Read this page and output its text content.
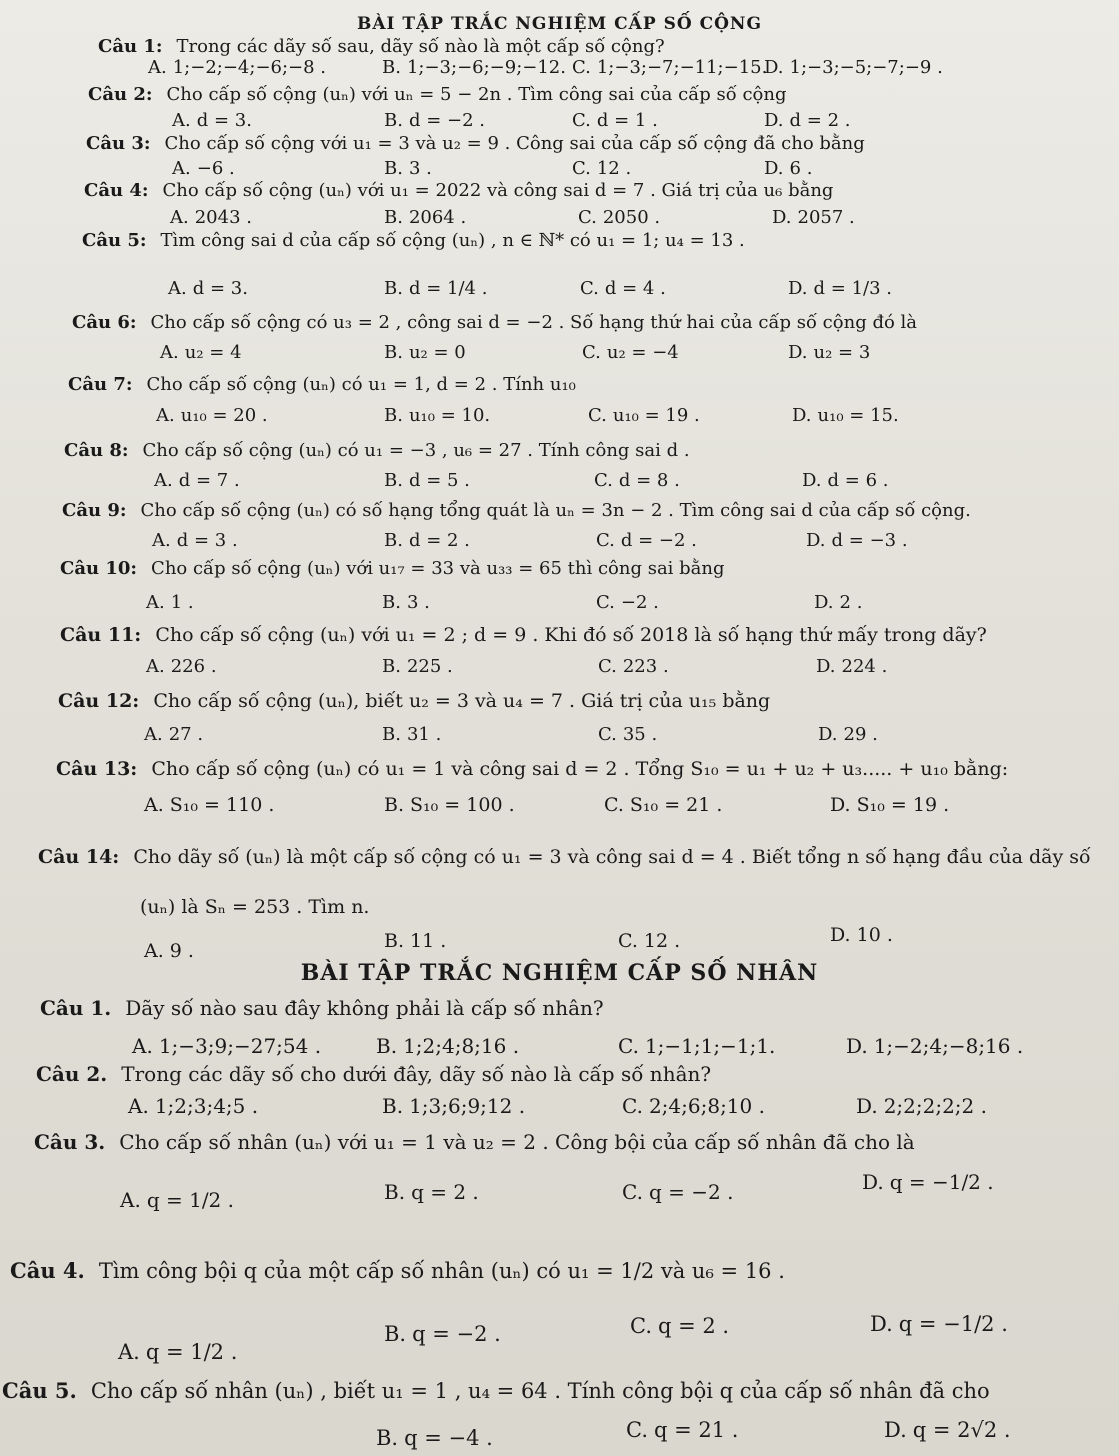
BÀI TẬP TRẮC NGHIỆM CẤP SỐ CỘNG
Câu 1: Trong các dãy số sau, dãy số nào là một cấp số cộng?
A. 1;−2;−4;−6;−8 .	B. 1;−3;−6;−9;−12. C. 1;−3;−7;−11;−15.
D. 1;−3;−5;−7;−9 .
Câu 2: Cho cấp số cộng (uₙ) với uₙ = 5 − 2n . Tìm công sai của cấp số cộng
A. d = 3.	B. d = −2 .	C. d = 1 .	D. d = 2 .
Câu 3: Cho cấp số cộng với u₁ = 3 và u₂ = 9 . Công sai của cấp số cộng đã cho bằng
A. −6 .	B. 3 .	C. 12 .	D. 6 .
Câu 4: Cho cấp số cộng (uₙ) với u₁ = 2022 và công sai d = 7 . Giá trị của u₆ bằng
A. 2043 .	B. 2064 .	C. 2050 .	D. 2057 .
Câu 5: Tìm công sai d của cấp số cộng (uₙ) , n ∈ ℕ* có u₁ = 1; u₄ = 13 .
A. d = 3.	B. d = 1/4 .	C. d = 4 .	D. d = 1/3 .
Câu 6: Cho cấp số cộng có u₃ = 2 , công sai d = −2 . Số hạng thứ hai của cấp số cộng đó là
A. u₂ = 4	B. u₂ = 0	C. u₂ = −4	D. u₂ = 3
Câu 7: Cho cấp số cộng (uₙ) có u₁ = 1, d = 2 . Tính u₁₀
A. u₁₀ = 20 .	B. u₁₀ = 10.	C. u₁₀ = 19 .	D. u₁₀ = 15.
Câu 8: Cho cấp số cộng (uₙ) có u₁ = −3 , u₆ = 27 . Tính công sai d .
A. d = 7 .	B. d = 5 .	C. d = 8 .	D. d = 6 .
Câu 9: Cho cấp số cộng (uₙ) có số hạng tổng quát là uₙ = 3n − 2 . Tìm công sai d của cấp số cộng.
A. d = 3 .	B. d = 2 .	C. d = −2 .	D. d = −3 .
Câu 10: Cho cấp số cộng (uₙ) với u₁₇ = 33 và u₃₃ = 65 thì công sai bằng
A. 1 .	B. 3 .	C. −2 .	D. 2 .
Câu 11: Cho cấp số cộng (uₙ) với u₁ = 2 ; d = 9 . Khi đó số 2018 là số hạng thứ mấy trong dãy?
A. 226 .	B. 225 .	C. 223 .	D. 224 .
Câu 12: Cho cấp số cộng (uₙ), biết u₂ = 3 và u₄ = 7 . Giá trị của u₁₅ bằng
A. 27 .	B. 31 .	C. 35 .	D. 29 .
Câu 13: Cho cấp số cộng (uₙ) có u₁ = 1 và công sai d = 2 . Tổng S₁₀ = u₁ + u₂ + u₃..... + u₁₀ bằng:
A. S₁₀ = 110 .	B. S₁₀ = 100 .	C. S₁₀ = 21 .	D. S₁₀ = 19 .
Câu 14: Cho dãy số (uₙ) là một cấp số cộng có u₁ = 3 và công sai d = 4 . Biết tổng n số hạng đầu của dãy số
(uₙ) là Sₙ = 253 . Tìm n.
A. 9 .	B. 11 .	C. 12 .	D. 10 .
BÀI TẬP TRẮC NGHIỆM CẤP SỐ NHÂN
Câu 1. Dãy số nào sau đây không phải là cấp số nhân?
A. 1;−3;9;−27;54 .	B. 1;2;4;8;16 .	C. 1;−1;1;−1;1.	D. 1;−2;4;−8;16 .
Câu 2. Trong các dãy số cho dưới đây, dãy số nào là cấp số nhân?
A. 1;2;3;4;5 .	B. 1;3;6;9;12 .	C. 2;4;6;8;10 .	D. 2;2;2;2;2 .
Câu 3. Cho cấp số nhân (uₙ) với u₁ = 1 và u₂ = 2 . Công bội của cấp số nhân đã cho là
A. q = 1/2 .	B. q = 2 .	C. q = −2 .	D. q = −1/2 .
Câu 4. Tìm công bội q của một cấp số nhân (uₙ) có u₁ = 1/2 và u₆ = 16 .
A. q = 1/2 .
B. q = −2 .	C. q = 2 .	D. q = −1/2 .
Câu 5. Cho cấp số nhân (uₙ) , biết u₁ = 1 , u₄ = 64 . Tính công bội q của cấp số nhân đã cho
B. q = −4 .	C. q = 21 .	D. q = 2√2 .
